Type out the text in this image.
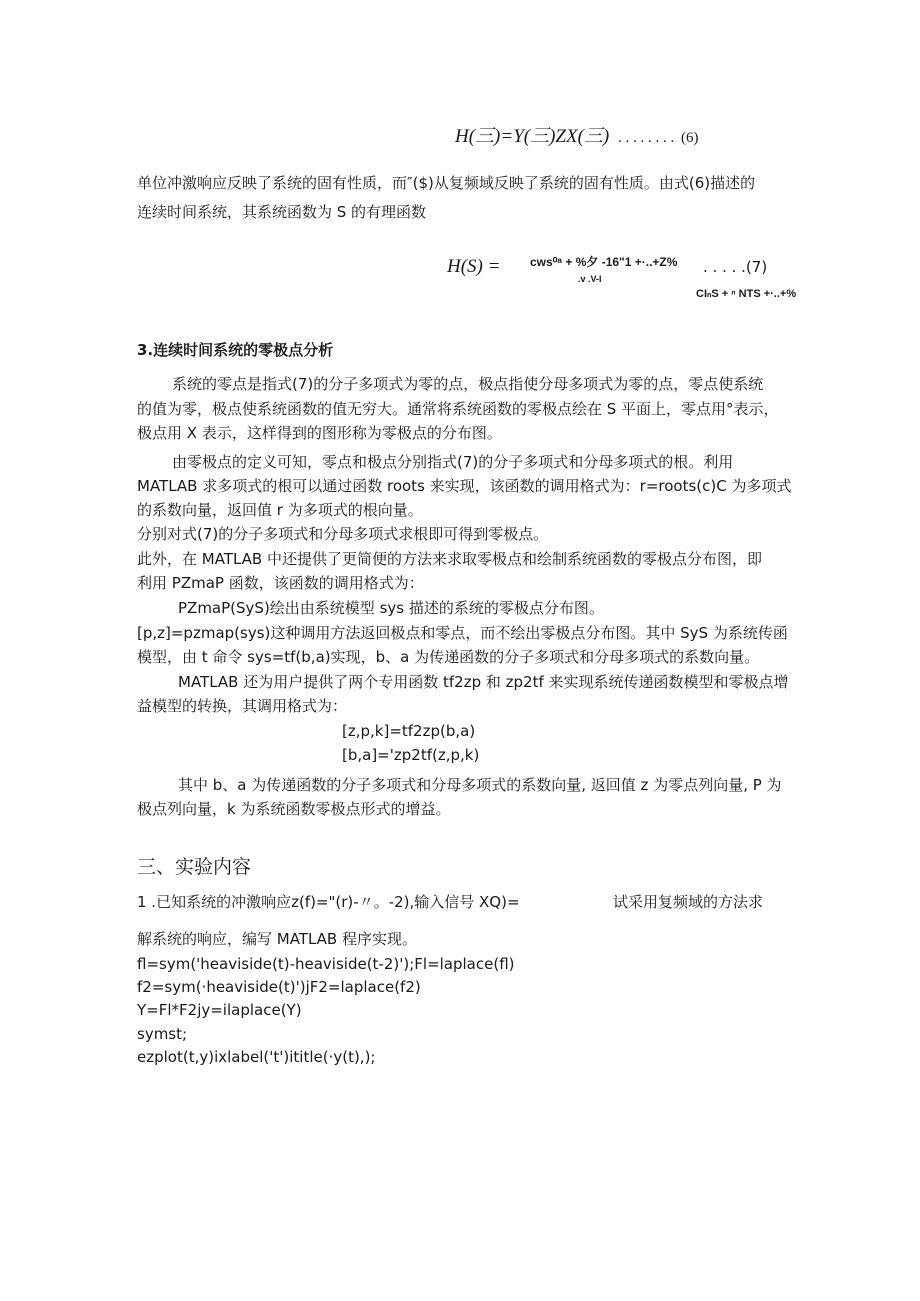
H(三)=Y(三)ZX(三) . . . . . . . . (6)
单位冲激响应反映了系统的固有性质，而″($)从复频域反映了系统的固有性质。由式(6)描述的
连续时间系统，其系统函数为 S 的有理函数
H(S) = cws⁰ᵃ + %夕 -16"1 +·..+Z%
.v .V-I
. . . . .(7)
CIₙS + ⁿ NTS +·..+%
3.连续时间系统的零极点分析
系统的零点是指式(7)的分子多项式为零的点，极点指使分母多项式为零的点，零点使系统
的值为零，极点使系统函数的值无穷大。通常将系统函数的零极点绘在 S 平面上，零点用°表示，
极点用 X 表示，这样得到的图形称为零极点的分布图。
由零极点的定义可知，零点和极点分别指式(7)的分子多项式和分母多项式的根。利用
MATLAB 求多项式的根可以通过函数 roots 来实现，该函数的调用格式为：r=roots(c)C 为多项式
的系数向量，返回值 r 为多项式的根向量。
分别对式(7)的分子多项式和分母多项式求根即可得到零极点。
此外，在 MATLAB 中还提供了更简便的方法来求取零极点和绘制系统函数的零极点分布图，即
利用 PZmaP 函数，该函数的调用格式为：
PZmaP(SyS)绘出由系统模型 sys 描述的系统的零极点分布图。
[p,z]=pzmap(sys)这种调用方法返回极点和零点，而不绘出零极点分布图。其中 SyS 为系统传函
模型，由 t 命令 sys=tf(b,a)实现，b、a 为传递函数的分子多项式和分母多项式的系数向量。
MATLAB 还为用户提供了两个专用函数 tf2zp 和 zp2tf 来实现系统传递函数模型和零极点增
益模型的转换，其调用格式为：
[z,p,k]=tf2zp(b,a)
[b,a]='zp2tf(z,p,k)
其中 b、a 为传递函数的分子多项式和分母多项式的系数向量, 返回值 z 为零点列向量, P 为
极点列向量，k 为系统函数零极点形式的增益。
三、实验内容
1 .已知系统的冲激响应z(f)="(r)-〃。-2),输入信号 XQ)=	试采用复频域的方法求
解系统的响应，编写 MATLAB 程序实现。
fl=sym('heaviside(t)-heaviside(t-2)');Fl=laplace(fl)
f2=sym(·heaviside(t)')jF2=laplace(f2)
Y=Fl*F2jy=ilaplace(Y)
symst;
ezplot(t,y)ixlabel('t')ititle(·y(t),);
